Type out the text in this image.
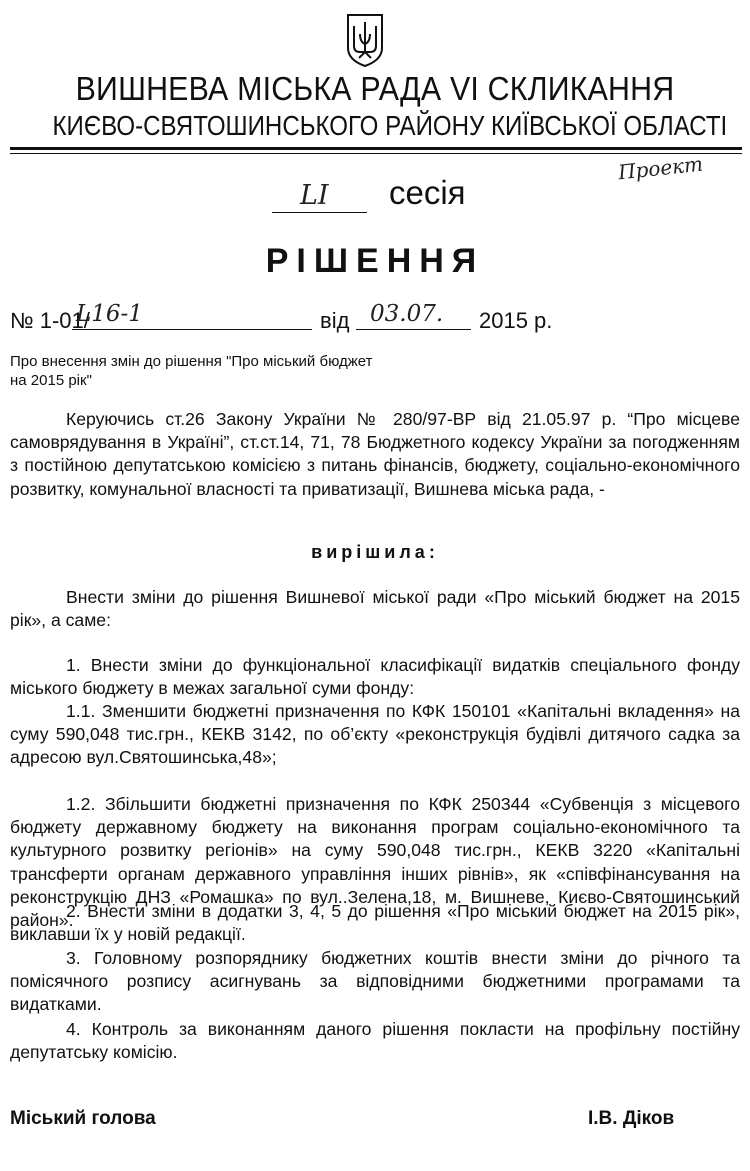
ВИШНЕВА МІСЬКА РАДА VI СКЛИКАННЯ
КИЄВО-СВЯТОШИНСЬКОГО РАЙОНУ КИЇВСЬКОЇ ОБЛАСТІ
Проект
LI сесія
РІШЕННЯ
№ 1-01/
L16-1	від 03.07. 2015 р.
Про внесення змін до рішення "Про міський бюджет на 2015 рік"
Керуючись ст.26 Закону України № 280/97-ВР від 21.05.97 р. “Про місцеве самоврядування в Україні”, ст.ст.14, 71, 78 Бюджетного кодексу України за погодженням з постійною депутатською комісією з питань фінансів, бюджету, соціально-економічного розвитку, комунальної власності та приватизації, Вишнева міська рада, -
вирішила:
Внести зміни до рішення Вишневої міської ради «Про міський бюджет на 2015 рік», а саме:
1. Внести зміни до функціональної класифікації видатків спеціального фонду міського бюджету в межах загальної суми фонду:
1.1. Зменшити бюджетні призначення по КФК 150101 «Капітальні вкладення» на суму 590,048 тис.грн., КЕКВ 3142, по об’єкту «реконструкція будівлі дитячого садка за адресою вул.Святошинська,48»;
1.2. Збільшити бюджетні призначення по КФК 250344 «Субвенція з місцевого бюджету державному бюджету на виконання програм соціально-економічного та культурного розвитку регіонів» на суму 590,048 тис.грн., КЕКВ 3220 «Капітальні трансферти органам державного управління інших рівнів», як «співфінансування на реконструкцію ДНЗ «Ромашка» по вул..Зелена,18, м. Вишневе, Києво-Святошинський район».
2. Внести зміни в додатки 3, 4, 5 до рішення «Про міський бюджет на 2015 рік», виклавши їх у новій редакції.
3. Головному розпоряднику бюджетних коштів внести зміни до річного та помісячного розпису асигнувань за відповідними бюджетними програмами та видатками.
4. Контроль за виконанням даного рішення покласти на профільну постійну депутатську комісію.
Міський голова	І.В. Діков
